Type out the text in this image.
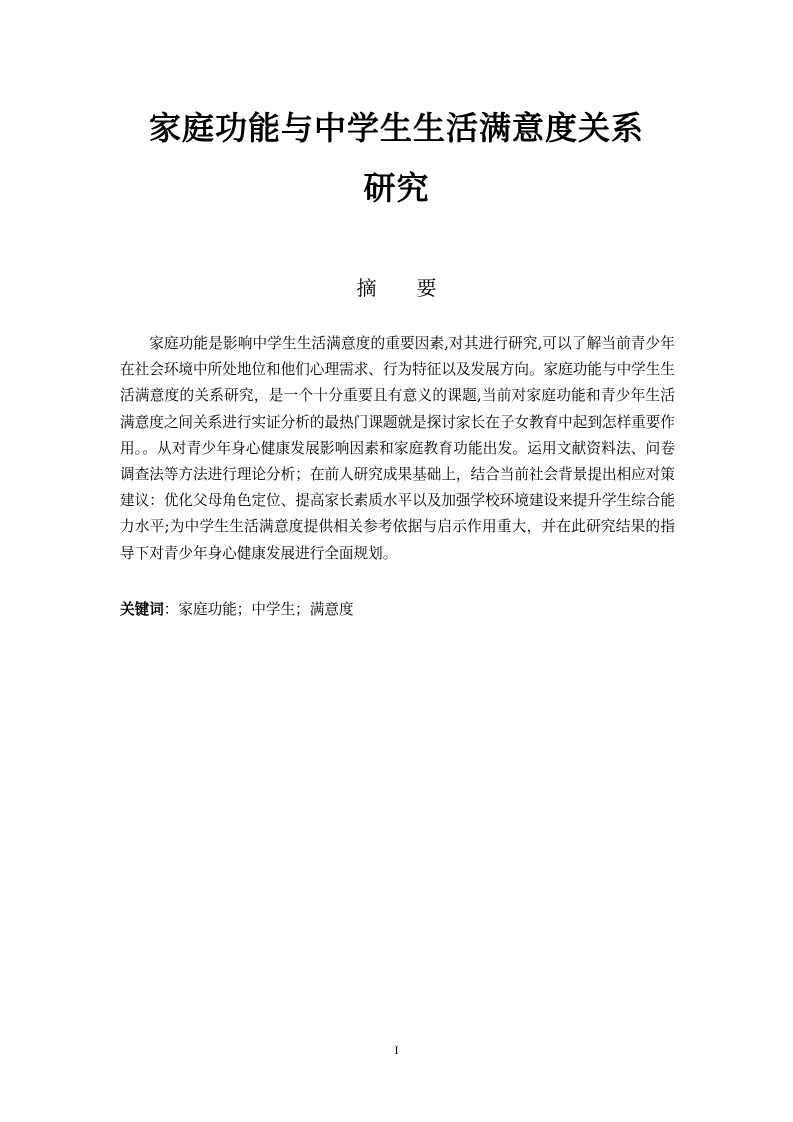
家庭功能与中学生生活满意度关系
研究
摘 要

家庭功能是影响中学生生活满意度的重要因素,对其进行研究,可以了解当前青少年在社会环境中所处地位和他们心理需求、行为特征以及发展方向。家庭功能与中学生生活满意度的关系研究，是一个十分重要且有意义的课题,当前对家庭功能和青少年生活满意度之间关系进行实证分析的最热门课题就是探讨家长在子女教育中起到怎样重要作用。。从对青少年身心健康发展影响因素和家庭教育功能出发。运用文献资料法、问卷调查法等方法进行理论分析；在前人研究成果基础上，结合当前社会背景提出相应对策建议：优化父母角色定位、提高家长素质水平以及加强学校环境建设来提升学生综合能力水平;为中学生生活满意度提供相关参考依据与启示作用重大，并在此研究结果的指导下对青少年身心健康发展进行全面规划。

关键词：家庭功能；中学生；满意度
I
